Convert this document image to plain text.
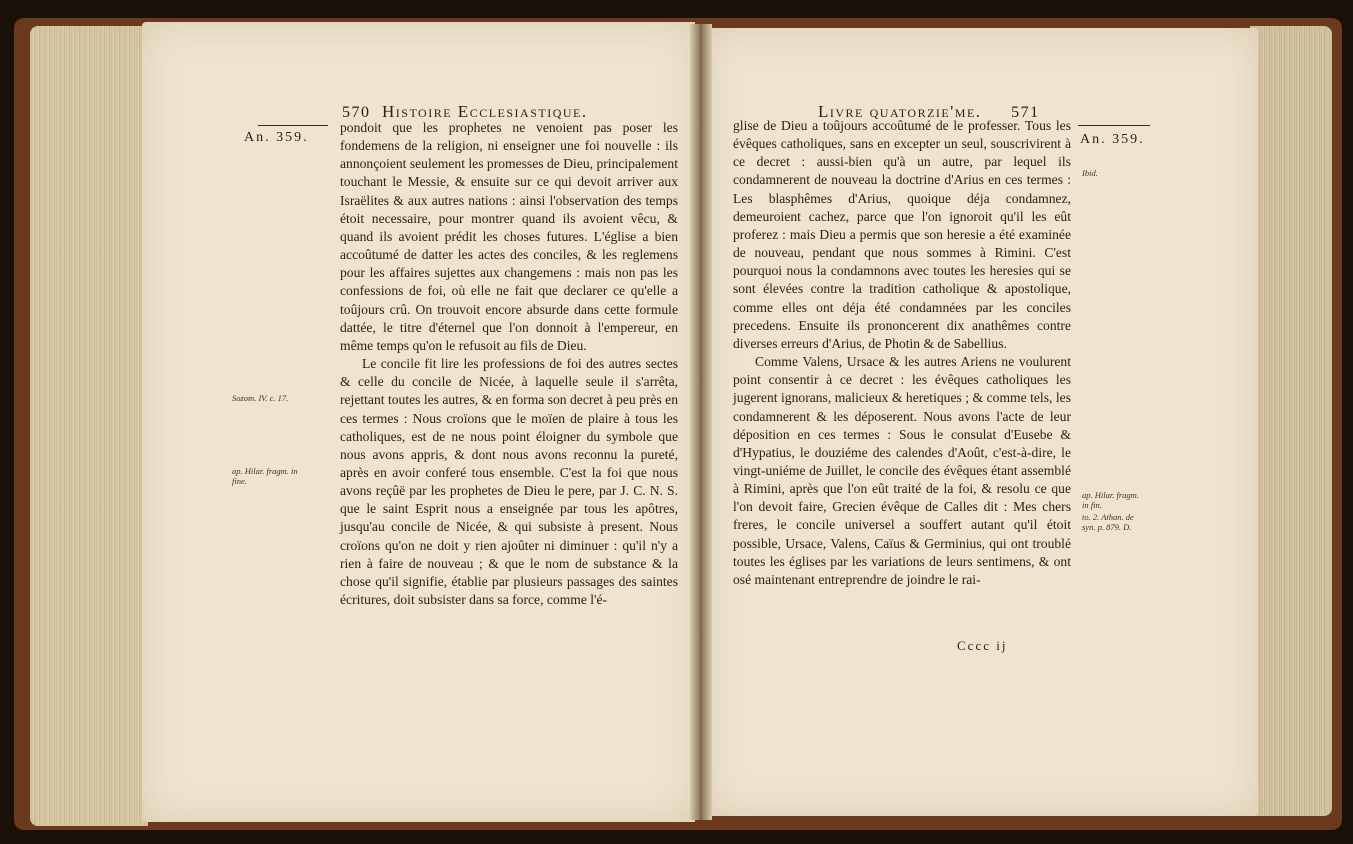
570 Histoire Ecclesiastique.
An. 359.
Sozom. IV. c. 17.
ap. Hilar. fragm. in fine.

pondoit que les prophetes ne venoient pas poser les fondemens de la religion, ni enseigner une foi nouvelle : ils annonçoient seulement les promesses de Dieu, principalement touchant le Messie, & ensuite sur ce qui devoit arriver aux Israëlites & aux autres nations : ainsi l'observation des temps étoit necessaire, pour montrer quand ils avoient vêcu, & quand ils avoient prédit les choses futures. L'église a bien accoûtumé de datter les actes des conciles, & les reglemens pour les affaires sujettes aux changemens : mais non pas les confessions de foi, où elle ne fait que declarer ce qu'elle a toûjours crû. On trouvoit encore absurde dans cette formule dattée, le titre d'éternel que l'on donnoit à l'empereur, en même temps qu'on le refusoit au fils de Dieu.

Le concile fit lire les professions de foi des autres sectes & celle du concile de Nicée, à laquelle seule il s'arrêta, rejettant toutes les autres, & en forma son decret à peu près en ces termes : Nous croïons que le moïen de plaire à tous les catholiques, est de ne nous point éloigner du symbole que nous avons appris, & dont nous avons reconnu la pureté, après en avoir conferé tous ensemble. C'est la foi que nous avons reçûë par les prophetes de Dieu le pere, par J. C. N. S. que le saint Esprit nous a enseignée par tous les apôtres, jusqu'au concile de Nicée, & qui subsiste à present. Nous croïons qu'on ne doit y rien ajoûter ni diminuer : qu'il n'y a rien à faire de nouveau ; & que le nom de substance & la chose qu'il signifie, établie par plusieurs passages des saintes écritures, doit subsister dans sa force, comme l'é-

Livre quatorzie'me. 571
An. 359.
Ibid.
ap. Hilar. fragm. in fin.
to. 2. Athan. de syn. p. 879. D.

glise de Dieu a toûjours accoûtumé de le professer. Tous les évêques catholiques, sans en excepter un seul, souscrivirent à ce decret : aussi-bien qu'à un autre, par lequel ils condamnerent de nouveau la doctrine d'Arius en ces termes : Les blasphêmes d'Arius, quoique déja condamnez, demeuroient cachez, parce que l'on ignoroit qu'il les eût proferez : mais Dieu a permis que son heresie a été examinée de nouveau, pendant que nous sommes à Rimini. C'est pourquoi nous la condamnons avec toutes les heresies qui se sont élevées contre la tradition catholique & apostolique, comme elles ont déja été condamnées par les conciles precedens. Ensuite ils prononcerent dix anathêmes contre diverses erreurs d'Arius, de Photin & de Sabellius.

Comme Valens, Ursace & les autres Ariens ne voulurent point consentir à ce decret : les évêques catholiques les jugerent ignorans, malicieux & heretiques ; & comme tels, les condamnerent & les déposerent. Nous avons l'acte de leur déposition en ces termes : Sous le consulat d'Eusebe & d'Hypatius, le douziéme des calendes d'Août, c'est-à-dire, le vingt-uniéme de Juillet, le concile des évêques étant assemblé à Rimini, après que l'on eût traité de la foi, & resolu ce que l'on devoit faire, Grecien évêque de Calles dit : Mes chers freres, le concile universel a souffert autant qu'il étoit possible, Ursace, Valens, Caïus & Germinius, qui ont troublé toutes les églises par les variations de leurs sentimens, & ont osé maintenant entreprendre de joindre le rai-

Cccc ij
